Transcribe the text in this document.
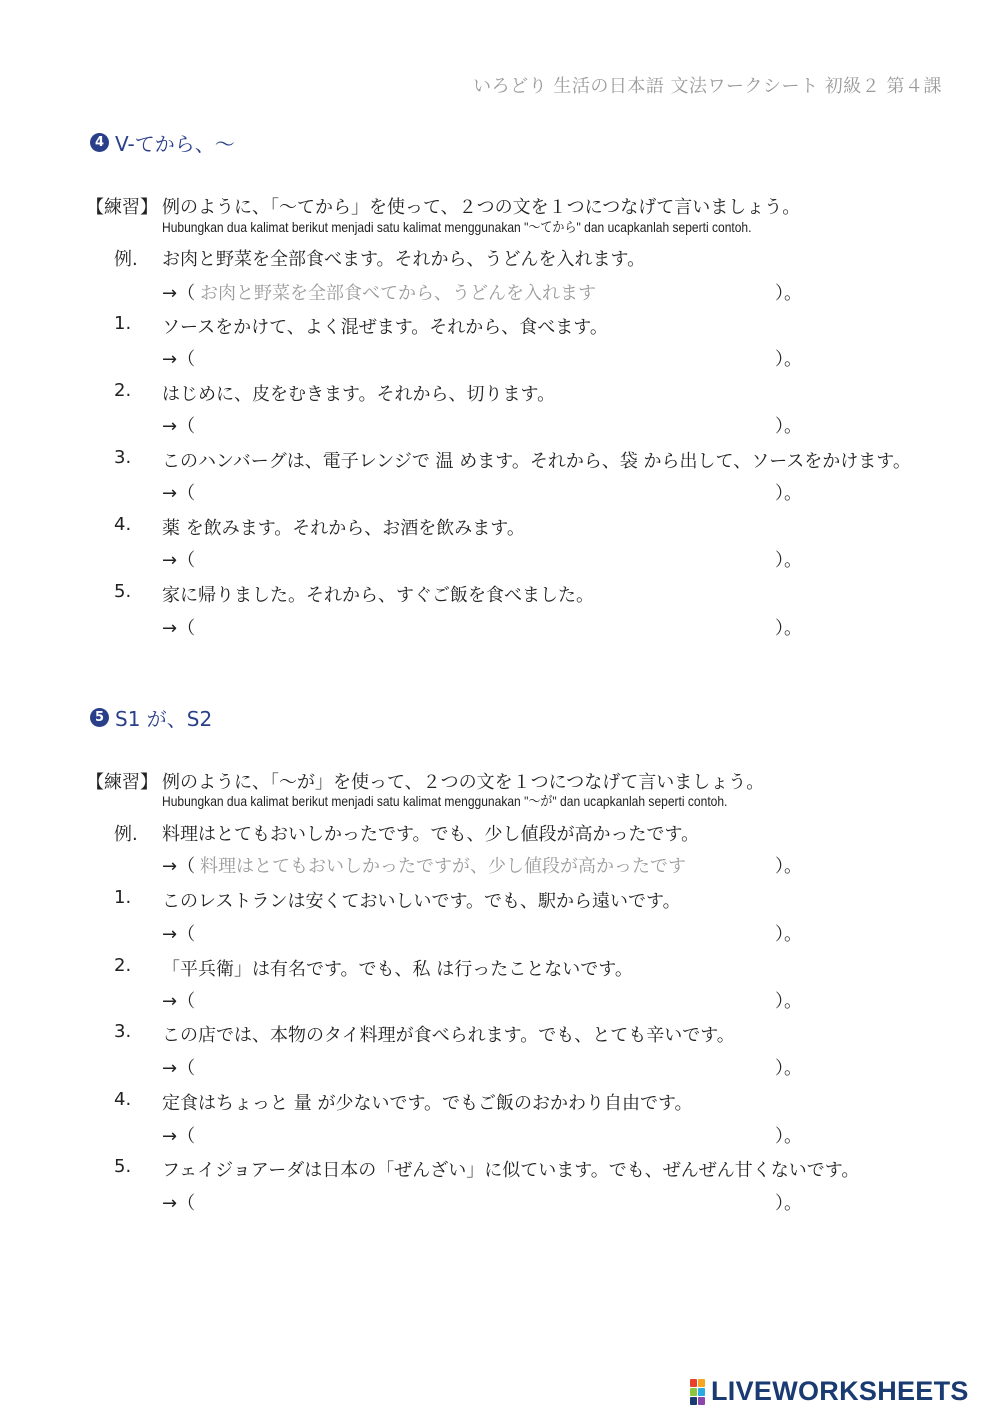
いろどり 生活の日本語 文法ワークシート 初級２ 第４課
4 V-てから、～
【練習】 例のように、「～てから」を使って、２つの文を１つにつなげて言いましょう。
Hubungkan dua kalimat berikut menjadi satu kalimat menggunakan "～てから" dan ucapkanlah seperti contoh.
例.	お肉と野菜を全部食べます。それから、うどんを入れます。
→（ お肉と野菜を全部食べてから、うどんを入れます	）。
1.	ソースをかけて、よく混ぜます。それから、食べます。
→（	）。
2.	はじめに、皮をむきます。それから、切ります。
→（	）。
3.	このハンバーグは、電子レンジで 温 めます。それから、袋 から出して、ソースをかけます。
→（	）。
4.	薬 を飲みます。それから、お酒を飲みます。
→（	）。
5.	家に帰りました。それから、すぐご飯を食べました。
→（	）。
5 S1 が、S2
【練習】 例のように、「～が」を使って、２つの文を１つにつなげて言いましょう。
Hubungkan dua kalimat berikut menjadi satu kalimat menggunakan "～が" dan ucapkanlah seperti contoh.
例.	料理はとてもおいしかったです。でも、少し値段が高かったです。
→（ 料理はとてもおいしかったですが、少し値段が高かったです	）。
1.	このレストランは安くておいしいです。でも、駅から遠いです。
→（	）。
2.	「平兵衛」は有名です。でも、私 は行ったことないです。
→（	）。
3.	この店では、本物のタイ料理が食べられます。でも、とても辛いです。
→（	）。
4.	定食はちょっと 量 が少ないです。でもご飯のおかわり自由です。
→（	）。
5.	フェイジョアーダは日本の「ぜんざい」に似ています。でも、ぜんぜん甘くないです。
→（	）。
LIVEWORKSHEETS
